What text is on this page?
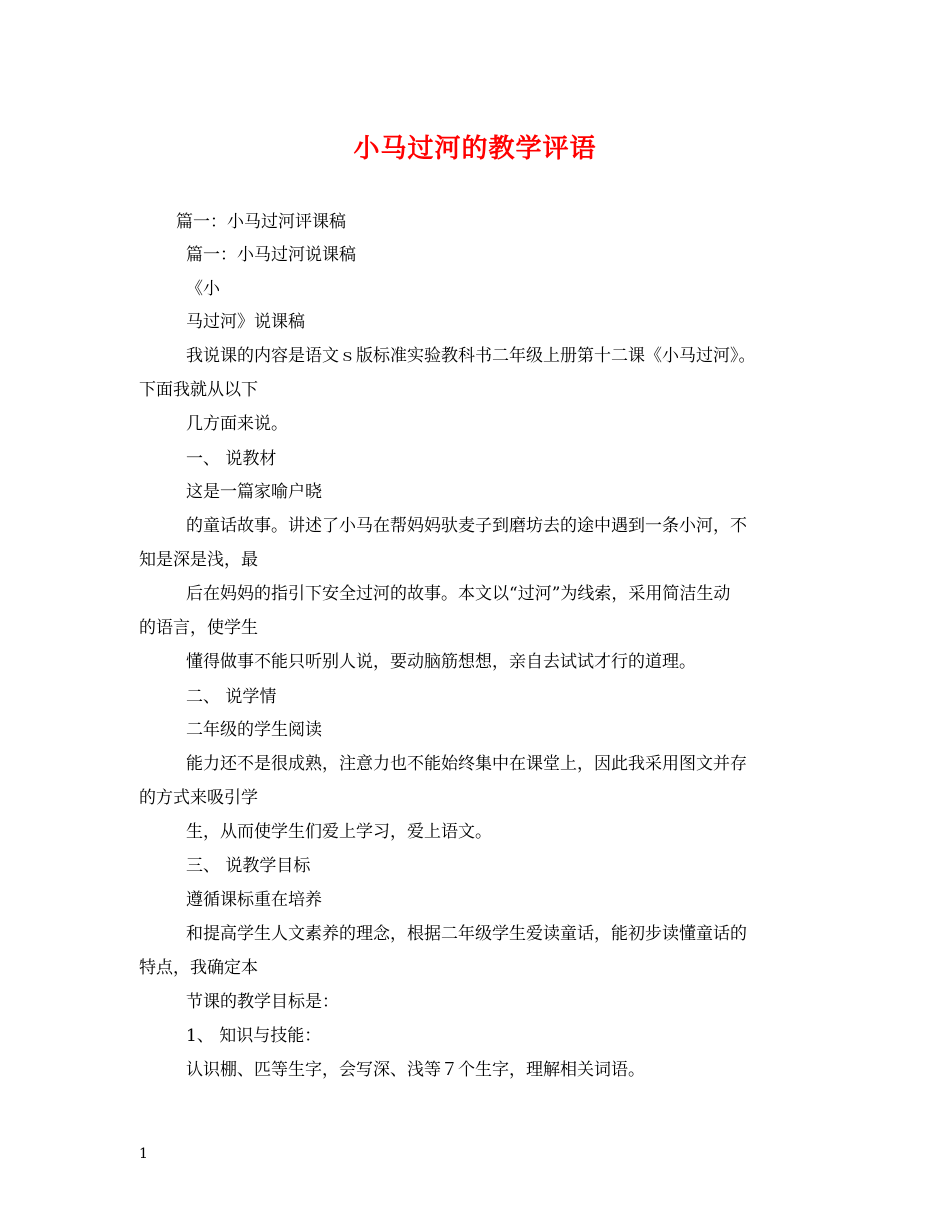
小马过河的教学评语
篇一：小马过河评课稿
篇一：小马过河说课稿
《小
马过河》说课稿
我说课的内容是语文ｓ版标准实验教科书二年级上册第十二课《小马过河》。
下面我就从以下
几方面来说。
一、 说教材
这是一篇家喻户晓
的童话故事。讲述了小马在帮妈妈驮麦子到磨坊去的途中遇到一条小河，不
知是深是浅，最
后在妈妈的指引下安全过河的故事。本文以“过河”为线索，采用简洁生动
的语言，使学生
懂得做事不能只听别人说，要动脑筋想想，亲自去试试才行的道理。
二、 说学情
二年级的学生阅读
能力还不是很成熟，注意力也不能始终集中在课堂上，因此我采用图文并存
的方式来吸引学
生，从而使学生们爱上学习，爱上语文。
三、 说教学目标
遵循课标重在培养
和提高学生人文素养的理念，根据二年级学生爱读童话，能初步读懂童话的
特点，我确定本
节课的教学目标是：
1、 知识与技能：
认识棚、匹等生字，会写深、浅等７个生字，理解相关词语。
1
